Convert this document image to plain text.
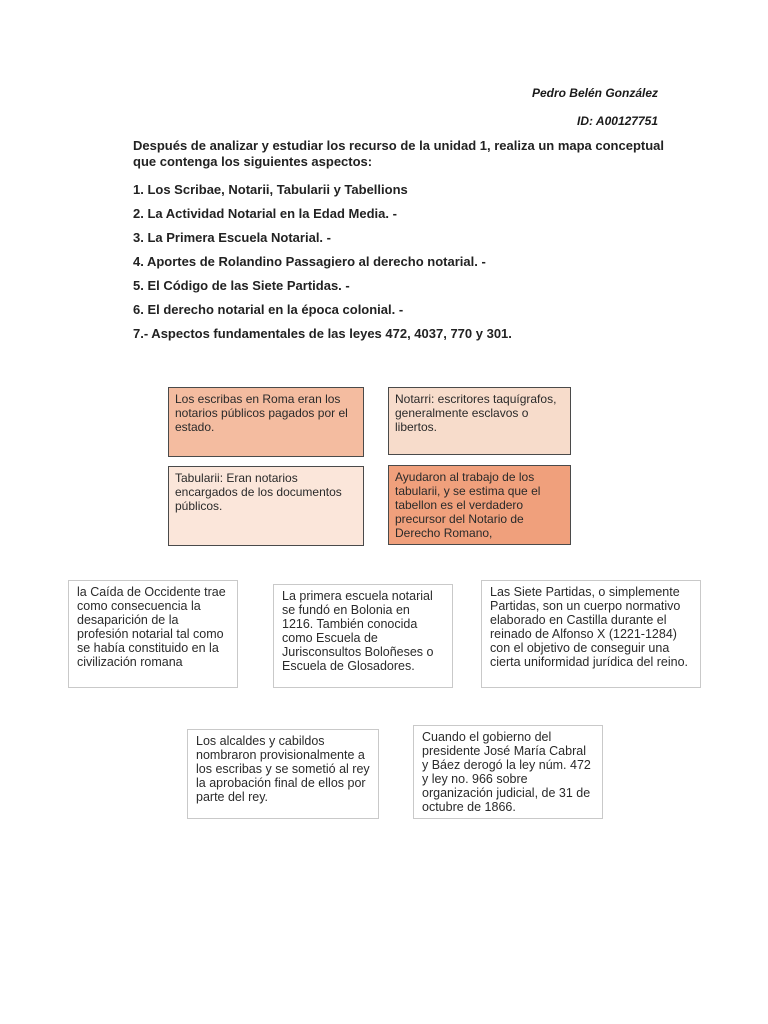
Pedro Belén González
ID: A00127751

Después de analizar y estudiar los recurso de la unidad 1, realiza un mapa conceptual que contenga los siguientes aspectos:

1. Los Scribae, Notarii, Tabularii y Tabellions
2. La Actividad Notarial en la Edad Media. -
3. La Primera Escuela Notarial. -
4. Aportes de Rolandino Passagiero al derecho notarial. -
5. El Código de las Siete Partidas. -
6. El derecho notarial en la época colonial. -
7.- Aspectos fundamentales de las leyes 472, 4037, 770 y 301.
Los escribas en Roma eran los notarios públicos pagados por el estado.
Notarri: escritores taquígrafos, generalmente esclavos o libertos.
Tabularii: Eran notarios encargados de los documentos públicos.
Ayudaron al trabajo de los tabularii, y se estima que el tabellon es el verdadero precursor del Notario de Derecho Romano,
la Caída de Occidente trae como consecuencia la desaparición de la profesión notarial tal como se había constituido en la civilización romana
La primera escuela notarial se fundó en Bolonia en 1216. También conocida como Escuela de Jurisconsultos Boloñeses o Escuela de Glosadores.
Las Siete Partidas, o simplemente Partidas, son un cuerpo normativo elaborado en Castilla durante el reinado de Alfonso X (1221-1284) con el objetivo de conseguir una cierta uniformidad jurídica del reino.
Los alcaldes y cabildos nombraron provisionalmente a los escribas y se sometió al rey la aprobación final de ellos por parte del rey.
Cuando el gobierno del presidente José María Cabral y Báez derogó la ley núm. 472 y ley no. 966 sobre organización judicial, de 31 de octubre de 1866.
